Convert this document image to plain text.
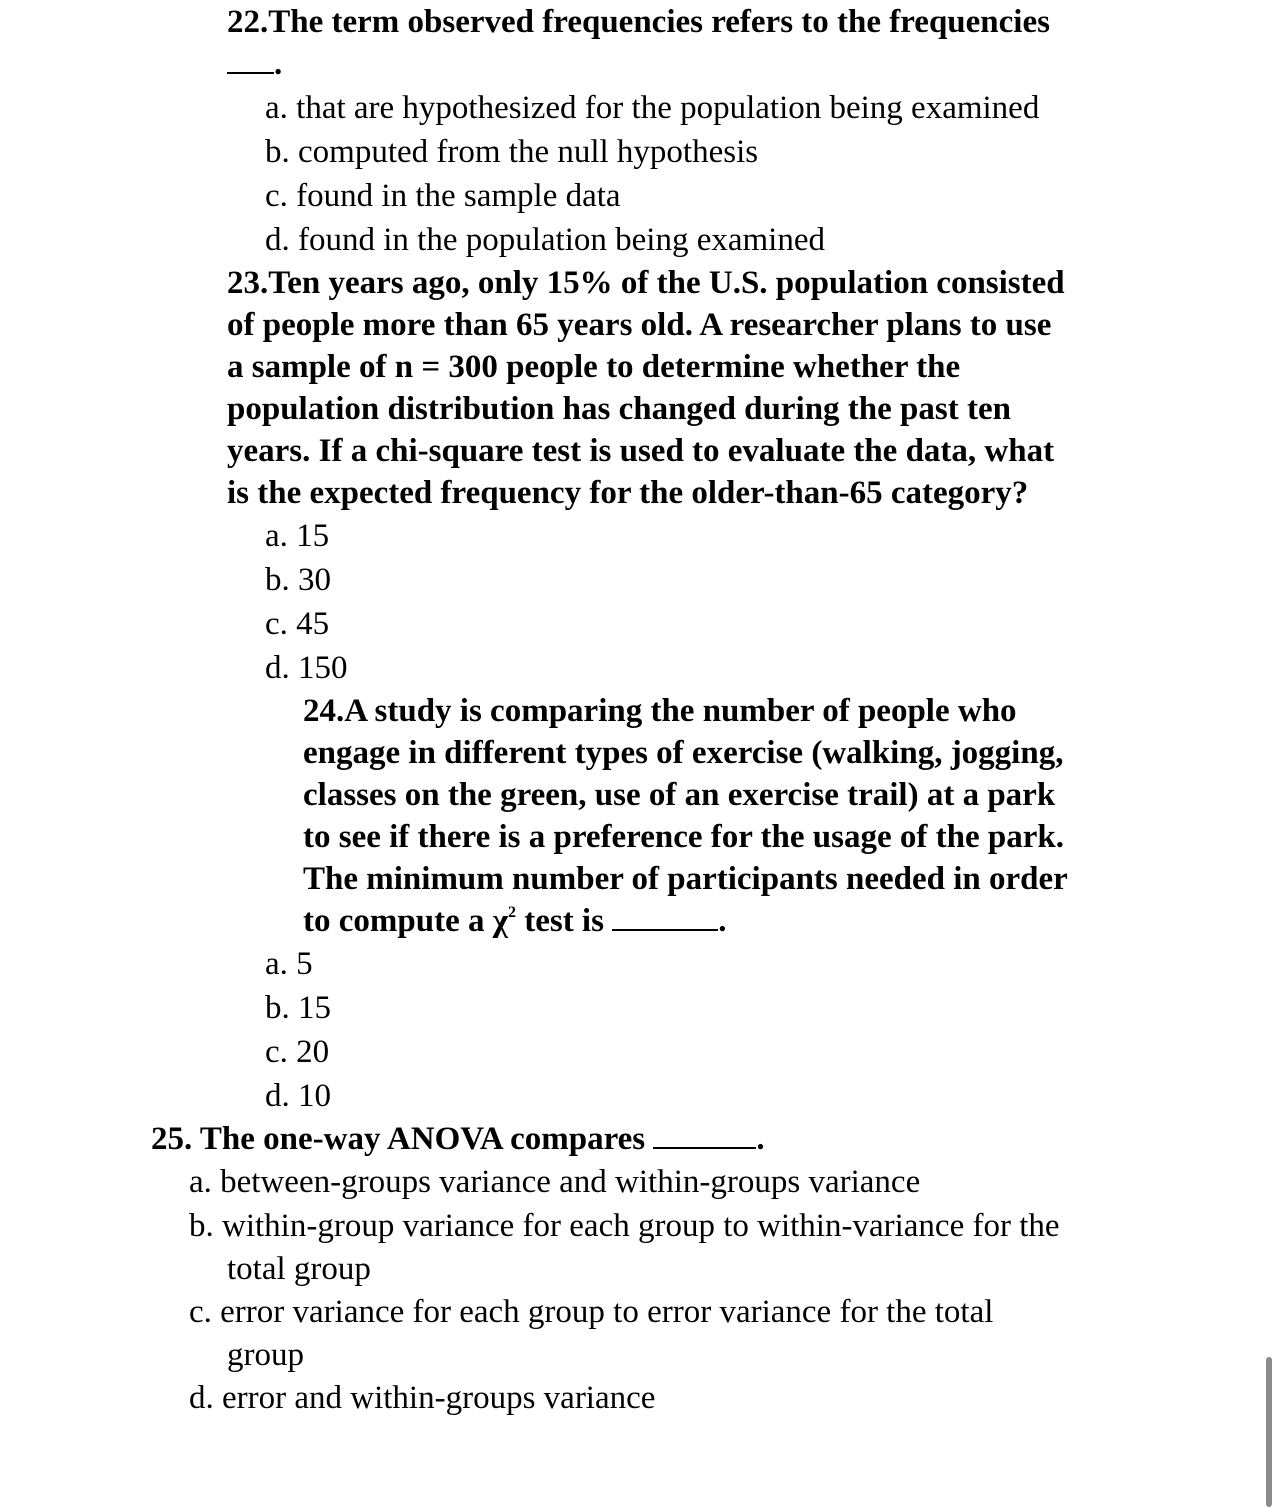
22.The term observed frequencies refers to the frequencies
.
a. that are hypothesized for the population being examined
b. computed from the null hypothesis
c. found in the sample data
d. found in the population being examined
23.Ten years ago, only 15% of the U.S. population consisted
of people more than 65 years old. A researcher plans to use
a sample of n = 300 people to determine whether the
population distribution has changed during the past ten
years. If a chi-square test is used to evaluate the data, what
is the expected frequency for the older-than-65 category?
a. 15
b. 30
c. 45
d. 150
24.A study is comparing the number of people who
engage in different types of exercise (walking, jogging,
classes on the green, use of an exercise trail) at a park
to see if there is a preference for the usage of the park.
The minimum number of participants needed in order
to compute a $\chi^2$ test is	.
a. 5
b. 15
c. 20
d. 10
25. The one-way ANOVA compares	.
a. between-groups variance and within-groups variance
b. within-group variance for each group to within-variance for the
total group
c. error variance for each group to error variance for the total
group
d. error and within-groups variance
